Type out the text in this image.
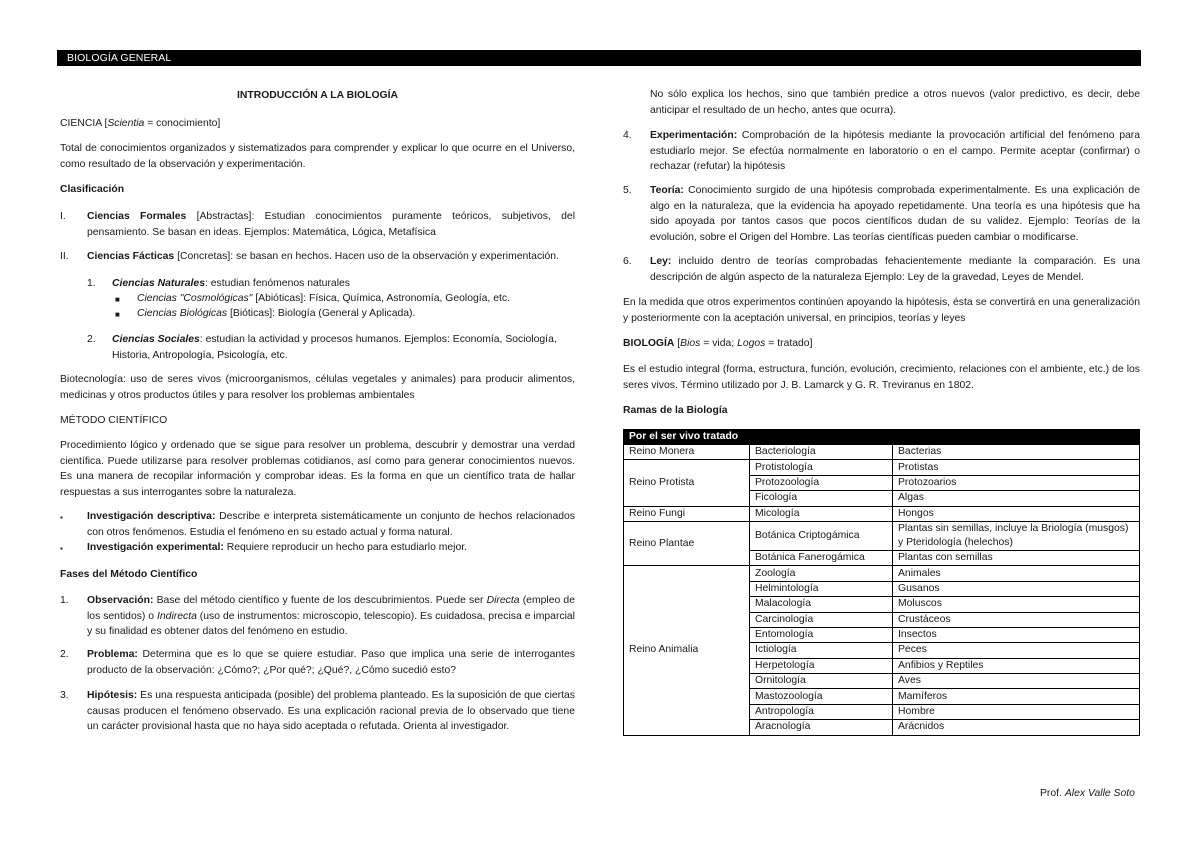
BIOLOGÍA GENERAL
INTRODUCCIÓN A LA BIOLOGÍA

CIENCIA [Scientia = conocimiento]

Total de conocimientos organizados y sistematizados para comprender y explicar lo que ocurre en el Universo, como resultado de la observación y experimentación.

Clasificación

I. Ciencias Formales [Abstractas]: Estudian conocimientos puramente teóricos, subjetivos, del pensamiento. Se basan en ideas. Ejemplos: Matemática, Lógica, Metafísica

II. Ciencias Fácticas [Concretas]: se basan en hechos. Hacen uso de la observación y experimentación.

1. Ciencias Naturales: estudian fenómenos naturales

■ Ciencias "Cosmológicas" [Abióticas]: Física, Química, Astronomía, Geología, etc.

■ Ciencias Biológicas [Bióticas]: Biología (General y Aplicada).

2. Ciencias Sociales: estudian la actividad y procesos humanos. Ejemplos: Economía, Sociología, Historia, Antropología, Psicología, etc.

Biotecnología: uso de seres vivos (microorganismos, células vegetales y animales) para producir alimentos, medicinas y otros productos útiles y para resolver los problemas ambientales

MÉTODO CIENTÍFICO

Procedimiento lógico y ordenado que se sigue para resolver un problema, descubrir y demostrar una verdad científica. Puede utilizarse para resolver problemas cotidianos, así como para generar conocimientos nuevos. Es una manera de recopilar información y comprobar ideas. Es la forma en que un científico trata de hallar respuestas a sus interrogantes sobre la naturaleza.

▪ Investigación descriptiva: Describe e interpreta sistemáticamente un conjunto de hechos relacionados con otros fenómenos. Estudia el fenómeno en su estado actual y forma natural.

▪ Investigación experimental: Requiere reproducir un hecho para estudiarlo mejor.

Fases del Método Científico

1. Observación: Base del método científico y fuente de los descubrimientos. Puede ser Directa (empleo de los sentidos) o Indirecta (uso de instrumentos: microscopio, telescopio). Es cuidadosa, precisa e imparcial y su finalidad es obtener datos del fenómeno en estudio.

2. Problema: Determina que es lo que se quiere estudiar. Paso que implica una serie de interrogantes producto de la observación: ¿Cómo?; ¿Por qué?; ¿Qué?, ¿Cómo sucedió esto?

3. Hipótesis: Es una respuesta anticipada (posible) del problema planteado. Es la suposición de que ciertas causas producen el fenómeno observado. Es una explicación racional previa de lo observado que tiene un carácter provisional hasta que no haya sido aceptada o refutada. Orienta al investigador.

No sólo explica los hechos, sino que también predice a otros nuevos (valor predictivo, es decir, debe anticipar el resultado de un hecho, antes que ocurra).

4. Experimentación: Comprobación de la hipótesis mediante la provocación artificial del fenómeno para estudiarlo mejor. Se efectúa normalmente en laboratorio o en el campo. Permite aceptar (confirmar) o rechazar (refutar) la hipótesis

5. Teoría: Conocimiento surgido de una hipótesis comprobada experimentalmente. Es una explicación de algo en la naturaleza, que la evidencia ha apoyado repetidamente. Una teoría es una hipótesis que ha sido apoyada por tantos casos que pocos científicos dudan de su validez. Ejemplo: Teorías de la evolución, sobre el Origen del Hombre. Las teorías científicas pueden cambiar o modificarse.

6. Ley: incluido dentro de teorías comprobadas fehacientemente mediante la comparación. Es una descripción de algún aspecto de la naturaleza Ejemplo: Ley de la gravedad, Leyes de Mendel.

En la medida que otros experimentos continúen apoyando la hipótesis, ésta se convertirá en una generalización y posteriormente con la aceptación universal, en principios, teorías y leyes

BIOLOGÍA [Bios = vida; Logos = tratado]

Es el estudio integral (forma, estructura, función, evolución, crecimiento, relaciones con el ambiente, etc.) de los seres vivos. Término utilizado por J. B. Lamarck y G. R. Treviranus en 1802.

Ramas de la Biología

Por el ser vivo tratado		
Reino Monera	Bacteriología	Bacterias
Reino Protista	Protistología	Protistas
	Protozoología	Protozoarios
	Ficología	Algas
Reino Fungi	Micología	Hongos
Reino Plantae	Botánica Criptogámica	Plantas sin semillas, incluye la Briología (musgos) y Pteridología (helechos)
	Botánica Fanerogámica	Plantas con semillas
Reino Animalia	Zoología	Animales
	Helmintología	Gusanos
	Malacología	Moluscos
	Carcinología	Crustáceos
	Entomología	Insectos
	Ictiología	Peces
	Herpetología	Anfibios y Reptiles
	Ornitología	Aves
	Mastozoología	Mamíferos
	Antropología	Hombre
	Aracnología	Arácnidos
Prof. Alex Valle Soto
